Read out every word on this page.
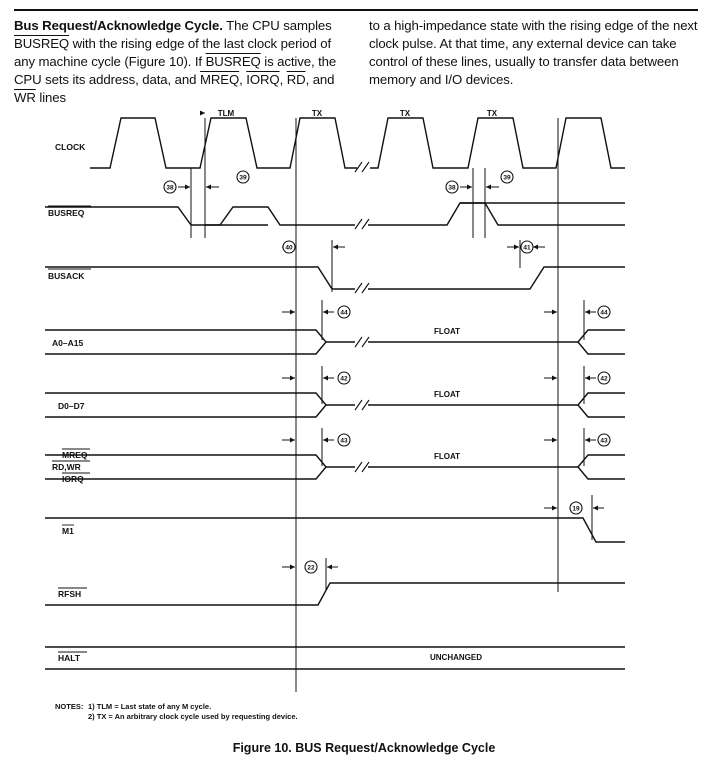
Bus Request/Acknowledge Cycle. The CPU samples BUSREQ with the rising edge of the last clock period of any machine cycle (Figure 10). If BUSREQ is active, the CPU sets its address, data, and MREQ, IORQ, $\overline{RD}$, and $\overline{WR}$ lines
to a high-impedance state with the rising edge of the next clock pulse. At that time, any external device can take control of these lines, usually to transfer data between memory and I/O devices.
38
39
38
39
40	41
44	44
42	42
43	43
19
22
TLM	TX	TX	TX
FLOAT
FLOAT
FLOAT
UNCHANGED
CLOCK
BUSREQ
BUSACK
A0–A15
D0–D7
MREQ
RD,WR
IORQ
M1
RFSH
HALT
NOTES: 1) TLM = Last state of any M cycle.
2) TX = An arbitrary clock cycle used by requesting device.
Figure 10. BUS Request/Acknowledge Cycle
